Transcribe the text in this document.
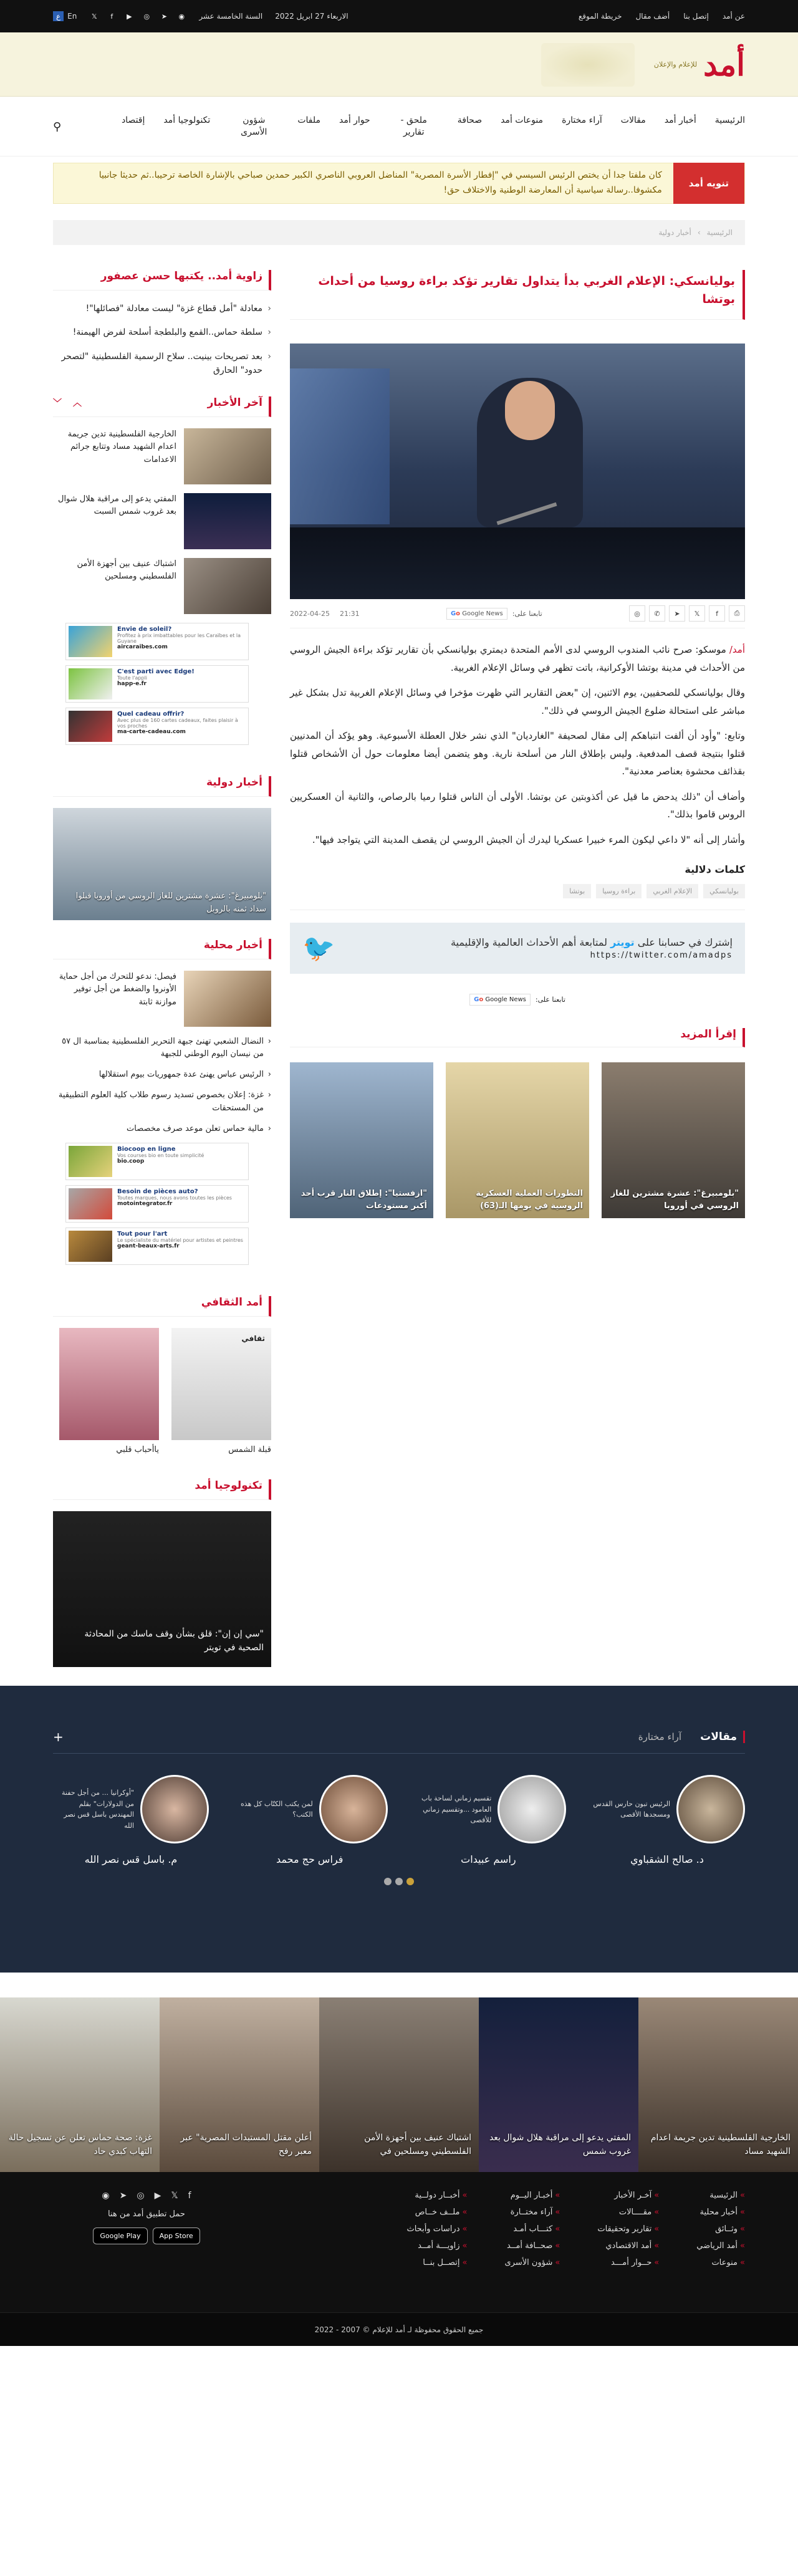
عن أمد
إتصل بنا
أضف مقال
خريطة الموقع
الاربعاء 27 ابريل 2022
السنة الخامسة عشر
𝕏	f	▶	◎	➤	◉
ع En
أمد
للإعلام والإعلان
الرئيسية
أخبار أمد
مقالات
آراء مختارة
منوعات أمد
صحافة
ملحق - تقارير
حوار أمد
ملفات
شؤون الأسرى
تكنولوجيا أمد
إقتصاد
⚲
تنويه أمد
كان ملفتا جدا أن يختص الرئيس السيسي في "إفطار الأسرة المصرية" المناضل العروبي الناصري الكبير حمدين صباحي بالإشارة الخاصة ترحيبا..ثم حديثا جانبيا مكشوفا..رسالة سياسية أن المعارضة الوطنية والاختلاف حق!
الرئيسية
›
أخبار دولية
بوليانسكي: الإعلام الغربي بدأ يتداول تقارير تؤكد براءة روسيا من أحداث بوتشا
⎙
f
𝕏
➤
✆
◎
تابعنا على:
Go Google News
2022-04-25 21:31

أمد/ موسكو: صرح نائب المندوب الروسي لدى الأمم المتحدة ديمتري بوليانسكي بأن تقارير تؤكد براءة الجيش الروسي من الأحداث في مدينة بوتشا الأوكرانية، باتت تظهر في وسائل الإعلام الغربية.

وقال بوليانسكي للصحفيين، يوم الاثنين، إن "بعض التقارير التي ظهرت مؤخرا في وسائل الإعلام الغربية تدل بشكل غير مباشر على استحالة ضلوع الجيش الروسي في ذلك".

وتابع: "وأود أن ألفت انتباهكم إلى مقال لصحيفة "الغارديان" الذي نشر خلال العطلة الأسبوعية. وهو يؤكد أن المدنيين قتلوا بنتيجة قصف المدفعية. وليس بإطلاق النار من أسلحة نارية. وهو يتضمن أيضا معلومات حول أن الأشخاص قتلوا بقذائف محشوة بعناصر معدنية".

وأضاف أن "ذلك يدحض ما قيل عن أكذوبتين عن بوتشا. الأولى أن الناس قتلوا رميا بالرصاص، والثانية أن العسكريين الروس قاموا بذلك".

وأشار إلى أنه "لا داعي ليكون المرء خبيرا عسكريا ليدرك أن الجيش الروسي لن يقصف المدينة التي يتواجد فيها".

كلمات دلالية
بوليانسكي
الإعلام الغربي
براءة روسيا
بوتشا
إشترك في حسابنا على تويتر لمتابعة أهم الأحداث العالمية والإقليمية
https://twitter.com/amadps
🐦
تابعنا على:
Go Google News
إقرأ المزيد
"بلومبيرغ": عشرة مشترين للغاز الروسي في أوروبا
التطورات العملية العسكرية الروسية في يومها الـ(63)
"ازفستيا": إطلاق النار قرب أحد أكبر مستودعات
زاوية أمد.. يكتبها حسن عصفور
‹ معادلة "أمل قطاع غزة" ليست معادلة "فصائلها"!
‹ سلطة حماس..القمع والبلطجة أسلحة لفرض الهيمنة!
‹ بعد تصريحات بينيت.. سلاح الرسمية الفلسطينية "لتصحر حدود" الحارق
آخر الأخبار
︿
﹀
الخارجية الفلسطينية تدين جريمة اعدام الشهيد مساد وتتابع جرائم الاعدامات
المفتي يدعو إلى مراقبة هلال شوال بعد غروب شمس السبت
اشتباك عنيف بين أجهزة الأمن الفلسطيني ومسلحين
Envie de soleil?
Profitez à prix imbattables pour les Caraïbes et la Guyane
aircaraibes.com
C'est parti avec Edge!
Toute l'appli
happ-e.fr
Quel cadeau offrir?
Avec plus de 160 cartes cadeaux, faites plaisir à vos proches
ma-carte-cadeau.com
أخبار دولية
"بلومبيرغ": عشرة مشترين للغاز الروسي من أوروبا قبلوا سداد ثمنه بالروبل
أخبار محلية
فيصل: ندعو للتحرك من أجل حماية الأونروا والضغط من أجل توفير موازنة ثابتة
‹ النضال الشعبي تهنئ جبهة التحرير الفلسطينية بمناسبة ال ٥٧ من نيسان اليوم الوطني للجبهة
‹ الرئيس عباس يهنئ عدة جمهوريات بيوم استقلالها
‹ غزة: إعلان بخصوص تسديد رسوم طلاب كلية العلوم التطبيقية من المستحقات
‹ مالية حماس تعلن موعد صرف مخصصات
Biocoop en ligne
Vos courses bio en toute simplicité
bio.coop
Besoin de pièces auto?
Toutes marques, nous avons toutes les pièces
motointegrator.fr
Tout pour l'art
Le spécialiste du matériel pour artistes et peintres
geant-beaux-arts.fr
أمد الثقافي
ثقافي
قبلة الشمس
ياأحباب قلبي
تكنولوجيا أمد
"سي إن إن": قلق بشأن وقف ماسك من المحادثة الصحية في تويتر
مقالات
آراء مختارة
+
الرئيس تبون حارس القدس ومسجدها الأقصى
د. صالح الشقباوي
تقسيم زماني لساحة باب العامود ...وتقسيم زماني للأقصى
راسم عبيدات
لمن يكتب الكتّاب كل هذه الكتب؟
فراس حج محمد
"أوكرانيا ... من أجل حفنة من الدولارات" بقلم المهندس باسل قس نصر الله
م. باسل قس نصر الله
الخارجية الفلسطينية تدين جريمة اعدام الشهيد مساد
المفتي يدعو إلى مراقبة هلال شوال بعد غروب شمس
اشتباك عنيف بين أجهزة الأمن الفلسطيني ومسلحين في
أعلن مقتل المستبدات المصرية" عبر معبر رفح
غزة: صحة حماس تعلن عن تسجيل حالة التهاب كبدي حاد
» الرئيسية
» أخبار محلية
» وثــائق
» أمد الرياضي
» منوعات
» آخـر الأخبار
» مقــــالات
» تقارير وتحقيقات
» أمد الاقتصادي
» حــوار أمـــد
» أخبـار اليــوم
» آراء مختــارة
» كتـــاب أمـد
» صحــافة أمــد
» شؤون الأسرى
» أخبــار دولــية
» ملــف خــاص
» دراسات وأبحاث
» زاويـــة أمــد
» إتصــل بنــا
◉ ➤ ◎ ▶ 𝕏 f
حمل تطبيق أمد من هنا
Google Play	App Store
جميع الحقوق محفوظة لـ أمد للإعلام © 2007 - 2022
